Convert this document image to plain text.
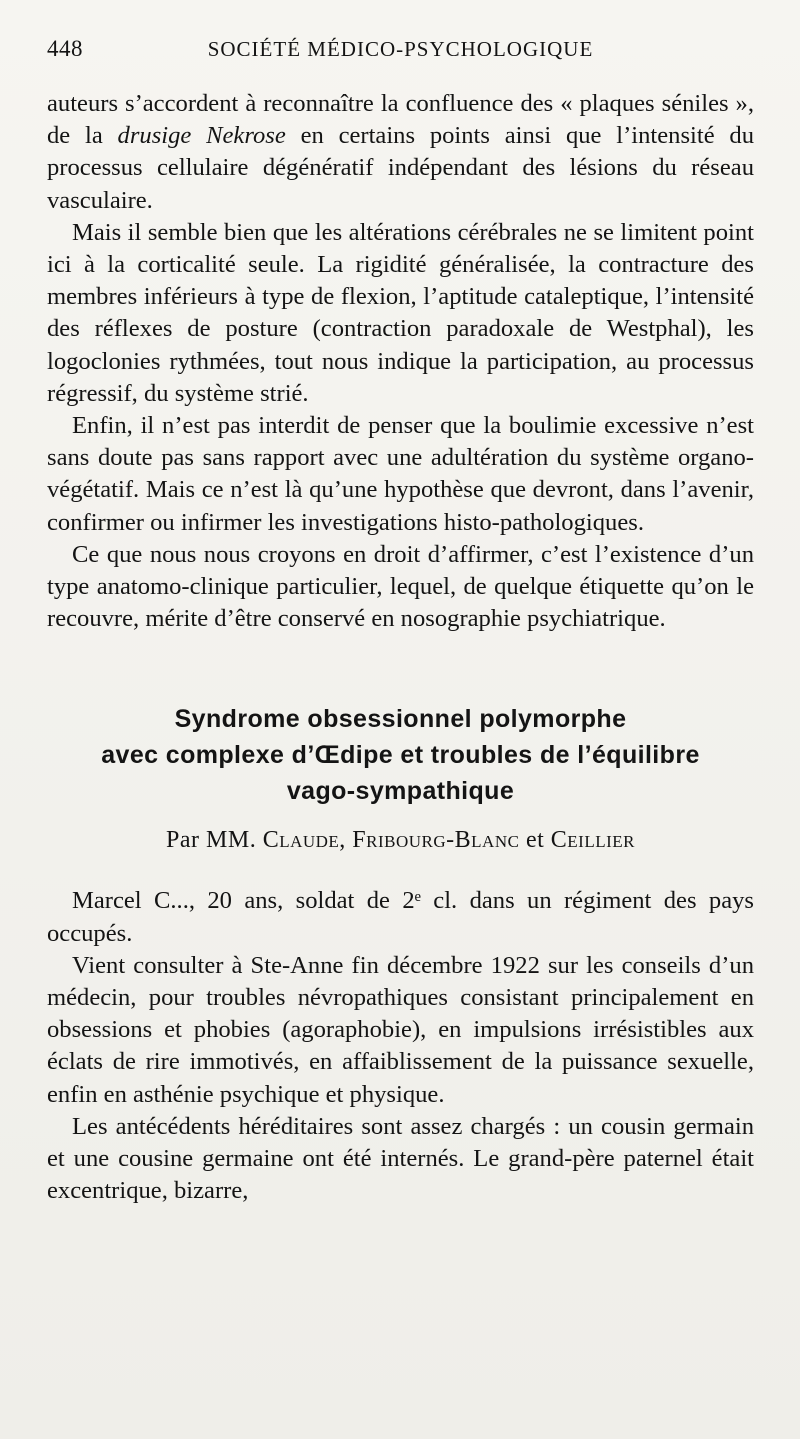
448	SOCIÉTÉ MÉDICO-PSYCHOLOGIQUE

auteurs s’accordent à reconnaître la confluence des « plaques séniles », de la drusige Nekrose en certains points ainsi que l’intensité du processus cellulaire dégénératif indépendant des lésions du réseau vasculaire.

Mais il semble bien que les altérations cérébrales ne se limitent point ici à la corticalité seule. La rigidité généralisée, la contracture des membres inférieurs à type de flexion, l’aptitude cataleptique, l’intensité des réflexes de posture (contraction paradoxale de Westphal), les logoclonies rythmées, tout nous indique la participation, au processus régressif, du système strié.

Enfin, il n’est pas interdit de penser que la boulimie excessive n’est sans doute pas sans rapport avec une adultération du système organo-végétatif. Mais ce n’est là qu’une hypothèse que devront, dans l’avenir, confirmer ou infirmer les investigations histo-pathologiques.

Ce que nous nous croyons en droit d’affirmer, c’est l’existence d’un type anatomo-clinique particulier, lequel, de quelque étiquette qu’on le recouvre, mérite d’être conservé en nosographie psychiatrique.

Syndrome obsessionnel polymorphe
avec complexe d’Œdipe et troubles de l’équilibre
vago-sympathique
Par MM. Claude, Fribourg-Blanc et Ceillier

Marcel C..., 20 ans, soldat de 2ᵉ cl. dans un régiment des pays occupés.

Vient consulter à Ste-Anne fin décembre 1922 sur les conseils d’un médecin, pour troubles névropathiques consistant principalement en obsessions et phobies (agoraphobie), en impulsions irrésistibles aux éclats de rire immotivés, en affaiblissement de la puissance sexuelle, enfin en asthénie psychique et physique.

Les antécédents héréditaires sont assez chargés : un cousin germain et une cousine germaine ont été internés. Le grand-père paternel était excentrique, bizarre,
